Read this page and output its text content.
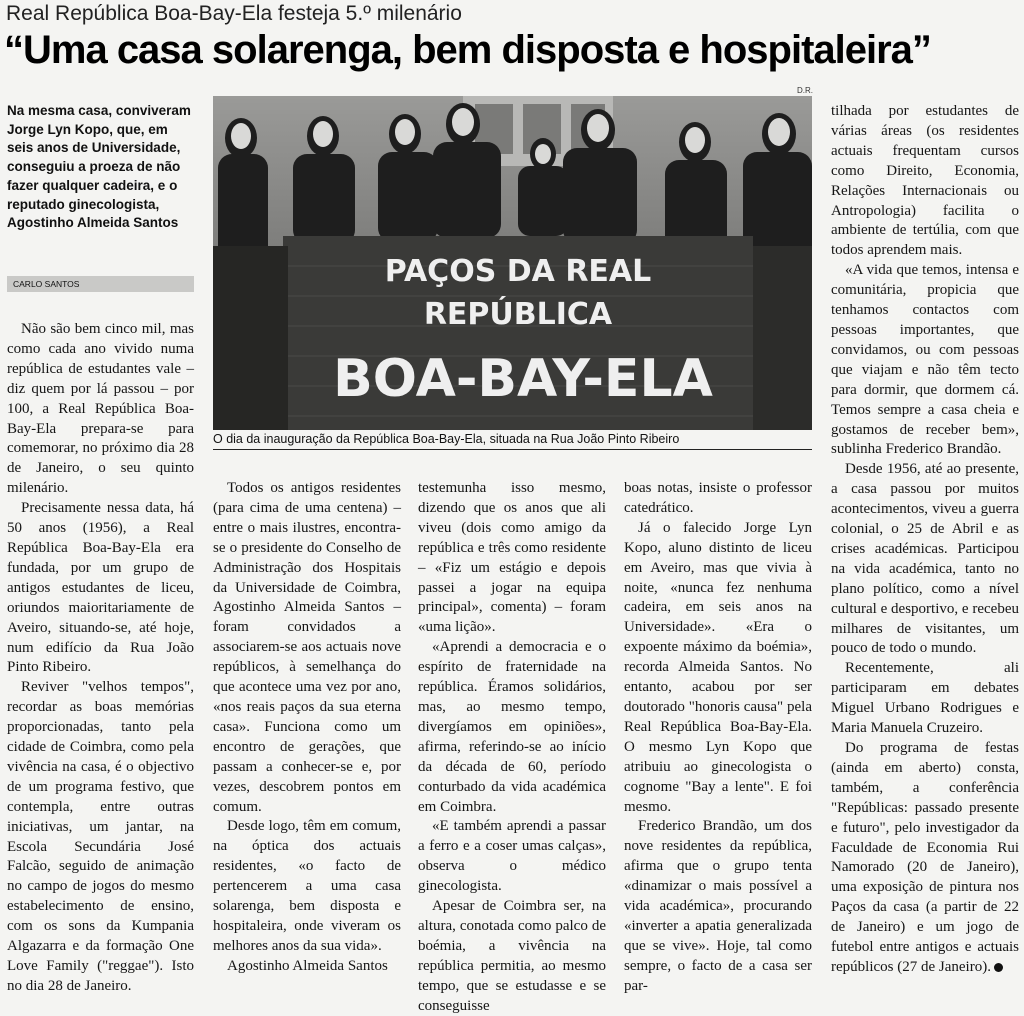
Real República Boa-Bay-Ela festeja 5.º milenário
“Uma casa solarenga, bem disposta e hospitaleira”
Na mesma casa, conviveram Jorge Lyn Kopo, que, em seis anos de Universidade, conseguiu a proeza de não fazer qualquer cadeira, e o reputado ginecologista, Agostinho Almeida Santos
CARLO SANTOS
D.R.
PAÇOS DA REAL
REPÚBLICA
BOA-BAY-ELA
O dia da inauguração da República Boa-Bay-Ela, situada na Rua João Pinto Ribeiro

Não são bem cinco mil, mas como cada ano vivido numa república de estudantes vale – diz quem por lá passou – por 100, a Real República Boa-Bay-Ela prepara-se para comemorar, no próximo dia 28 de Janeiro, o seu quinto milenário.

Precisamente nessa data, há 50 anos (1956), a Real República Boa-Bay-Ela era fundada, por um grupo de antigos estudantes de liceu, oriundos maioritariamente de Aveiro, situando-se, até hoje, num edifício da Rua João Pinto Ribeiro.

Reviver "velhos tempos", recordar as boas memórias proporcionadas, tanto pela cidade de Coimbra, como pela vivência na casa, é o objectivo de um programa festivo, que contempla, entre outras iniciativas, um jantar, na Escola Secundária José Falcão, seguido de animação no campo de jogos do mesmo estabelecimento de ensino, com os sons da Kumpania Algazarra e da formação One Love Family ("reggae"). Isto no dia 28 de Janeiro.

Todos os antigos residentes (para cima de uma centena) – entre o mais ilustres, encontra-se o presidente do Conselho de Administração dos Hospitais da Universidade de Coimbra, Agostinho Almeida Santos – foram convidados a associarem-se aos actuais nove repúblicos, à semelhança do que acontece uma vez por ano, «nos reais paços da sua eterna casa». Funciona como um encontro de gerações, que passam a conhecer-se e, por vezes, descobrem pontos em comum.

Desde logo, têm em comum, na óptica dos actuais residentes, «o facto de pertencerem a uma casa solarenga, bem disposta e hospitaleira, onde viveram os melhores anos da sua vida».

Agostinho Almeida Santos

testemunha isso mesmo, dizendo que os anos que ali viveu (dois como amigo da república e três como residente – «Fiz um estágio e depois passei a jogar na equipa principal», comenta) – foram «uma lição».

«Aprendi a democracia e o espírito de fraternidade na república. Éramos solidários, mas, ao mesmo tempo, divergíamos em opiniões», afirma, referindo-se ao início da década de 60, período conturbado da vida académica em Coimbra.

«E também aprendi a passar a ferro e a coser umas calças», observa o médico ginecologista.

Apesar de Coimbra ser, na altura, conotada como palco de boémia, a vivência na república permitia, ao mesmo tempo, que se estudasse e se conseguisse

boas notas, insiste o professor catedrático.

Já o falecido Jorge Lyn Kopo, aluno distinto de liceu em Aveiro, mas que vivia à noite, «nunca fez nenhuma cadeira, em seis anos na Universidade». «Era o expoente máximo da boémia», recorda Almeida Santos. No entanto, acabou por ser doutorado "honoris causa" pela Real República Boa-Bay-Ela. O mesmo Lyn Kopo que atribuiu ao ginecologista o cognome "Bay a lente". E foi mesmo.

Frederico Brandão, um dos nove residentes da república, afirma que o grupo tenta «dinamizar o mais possível a vida académica», procurando «inverter a apatia generalizada que se vive». Hoje, tal como sempre, o facto de a casa ser par-

tilhada por estudantes de várias áreas (os residentes actuais frequentam cursos como Direito, Economia, Relações Internacionais ou Antropologia) facilita o ambiente de tertúlia, com que todos aprendem mais.

«A vida que temos, intensa e comunitária, propicia que tenhamos contactos com pessoas importantes, que convidamos, ou com pessoas que viajam e não têm tecto para dormir, que dormem cá. Temos sempre a casa cheia e gostamos de receber bem», sublinha Frederico Brandão.

Desde 1956, até ao presente, a casa passou por muitos acontecimentos, viveu a guerra colonial, o 25 de Abril e as crises académicas. Participou na vida académica, tanto no plano político, como a nível cultural e desportivo, e recebeu milhares de visitantes, um pouco de todo o mundo.

Recentemente, ali participaram em debates Miguel Urbano Rodrigues e Maria Manuela Cruzeiro.

Do programa de festas (ainda em aberto) consta, também, a conferência "Repúblicas: passado presente e futuro", pelo investigador da Faculdade de Economia Rui Namorado (20 de Janeiro), uma exposição de pintura nos Paços da casa (a partir de 22 de Janeiro) e um jogo de futebol entre antigos e actuais repúblicos (27 de Janeiro).
